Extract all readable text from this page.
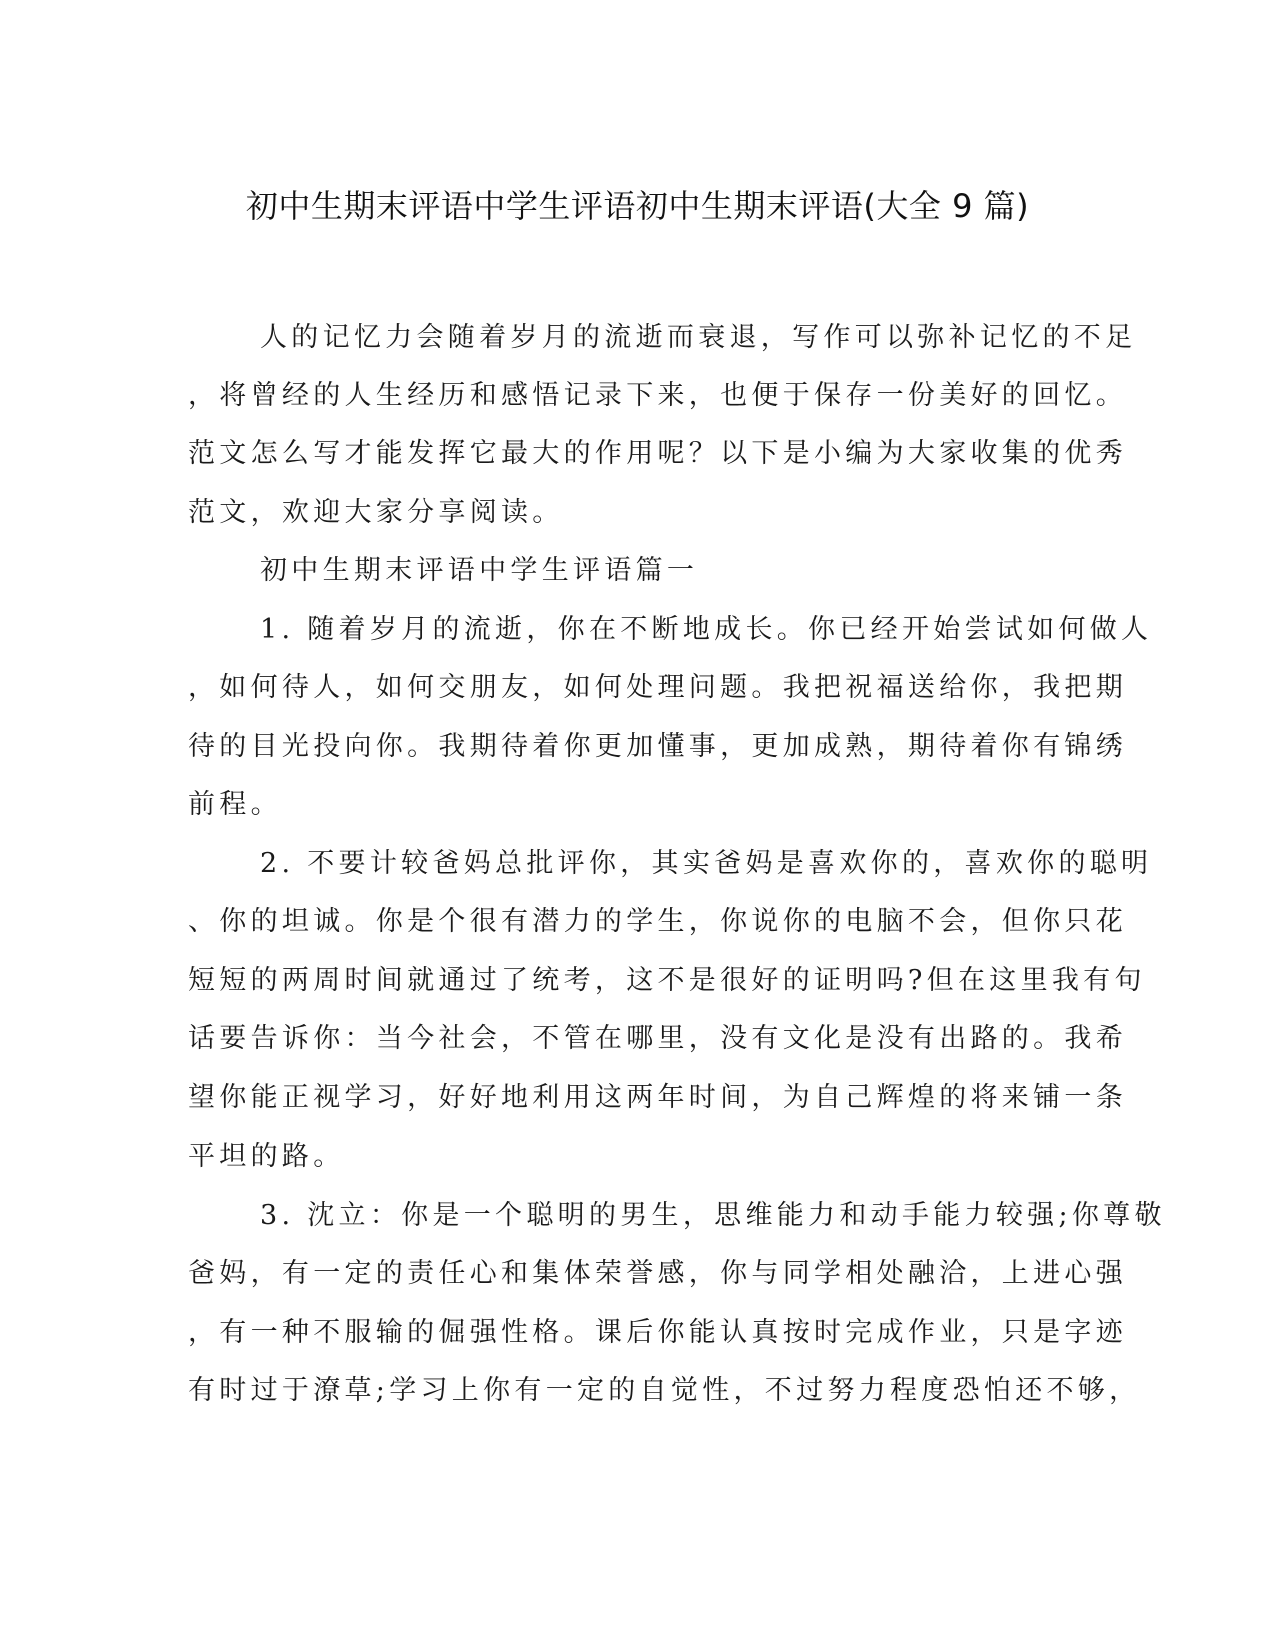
初中生期末评语中学生评语初中生期末评语(大全 9 篇)
人的记忆力会随着岁月的流逝而衰退，写作可以弥补记忆的不足
，将曾经的人生经历和感悟记录下来，也便于保存一份美好的回忆。
范文怎么写才能发挥它最大的作用呢？以下是小编为大家收集的优秀
范文，欢迎大家分享阅读。
初中生期末评语中学生评语篇一
1. 随着岁月的流逝，你在不断地成长。你已经开始尝试如何做人
，如何待人，如何交朋友，如何处理问题。我把祝福送给你，我把期
待的目光投向你。我期待着你更加懂事，更加成熟，期待着你有锦绣
前程。
2. 不要计较爸妈总批评你，其实爸妈是喜欢你的，喜欢你的聪明
、你的坦诚。你是个很有潜力的学生，你说你的电脑不会，但你只花
短短的两周时间就通过了统考，这不是很好的证明吗?但在这里我有句
话要告诉你：当今社会，不管在哪里，没有文化是没有出路的。我希
望你能正视学习，好好地利用这两年时间，为自己辉煌的将来铺一条
平坦的路。
3. 沈立：你是一个聪明的男生，思维能力和动手能力较强;你尊敬
爸妈，有一定的责任心和集体荣誉感，你与同学相处融洽，上进心强
，有一种不服输的倔强性格。课后你能认真按时完成作业，只是字迹
有时过于潦草;学习上你有一定的自觉性，不过努力程度恐怕还不够，
